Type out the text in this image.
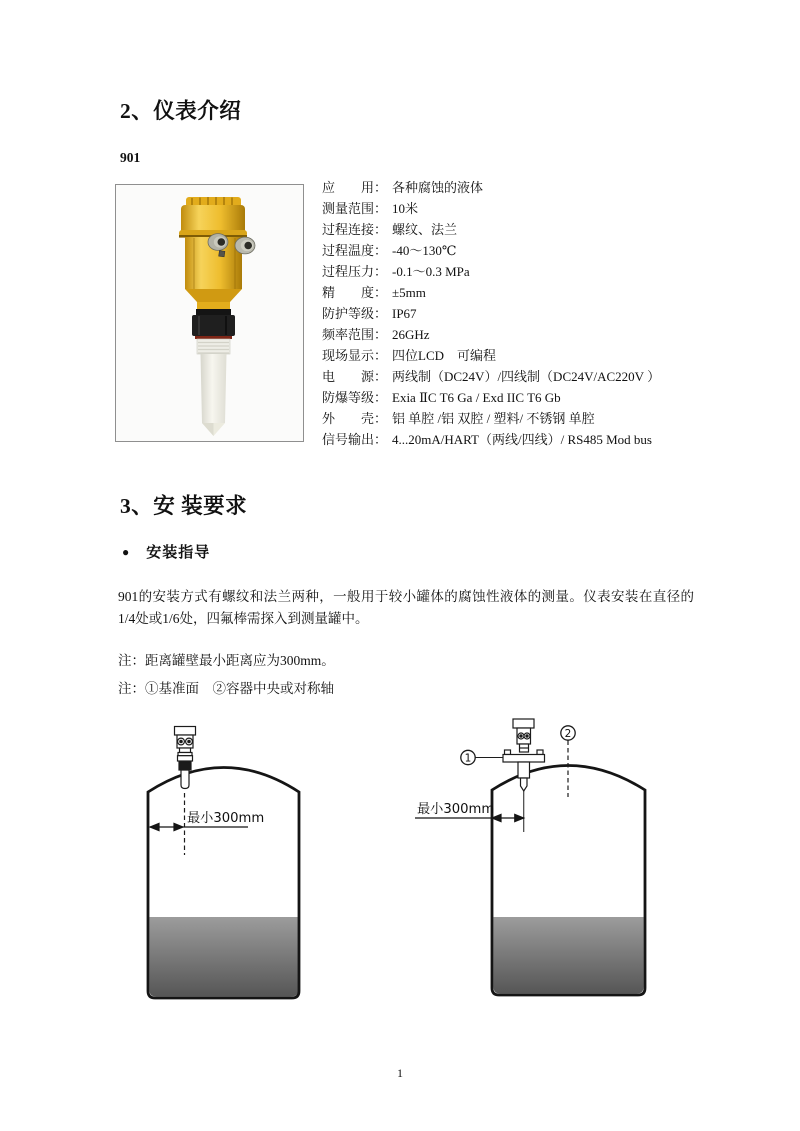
2、仪表介绍
901
应　　用： 各种腐蚀的液体
测量范围： 10米
过程连接： 螺纹、法兰
过程温度： -40～130℃
过程压力： -0.1～0.3 MPa
精　　度： ±5mm
防护等级： IP67
频率范围： 26GHz
现场显示： 四位LCD　可编程
电　　源： 两线制（DC24V）/四线制（DC24V/AC220V ）
防爆等级： Exia ⅡC T6 Ga / Exd IIC T6 Gb
外　　壳： 铝 单腔 /铝 双腔 / 塑料/ 不锈钢 单腔
信号输出： 4...20mA/HART（两线/四线）/ RS485 Mod bus
3、安 装要求
● 安装指导
901的安装方式有螺纹和法兰两种，一般用于较小罐体的腐蚀性液体的测量。仪表安装在直径的1/4处或1/6处，四氟棒需探入到测量罐中。
注：距离罐壁最小距离应为300mm。
注：①基准面　②容器中央或对称轴
最小300mm
1
2
最小300mm
1
